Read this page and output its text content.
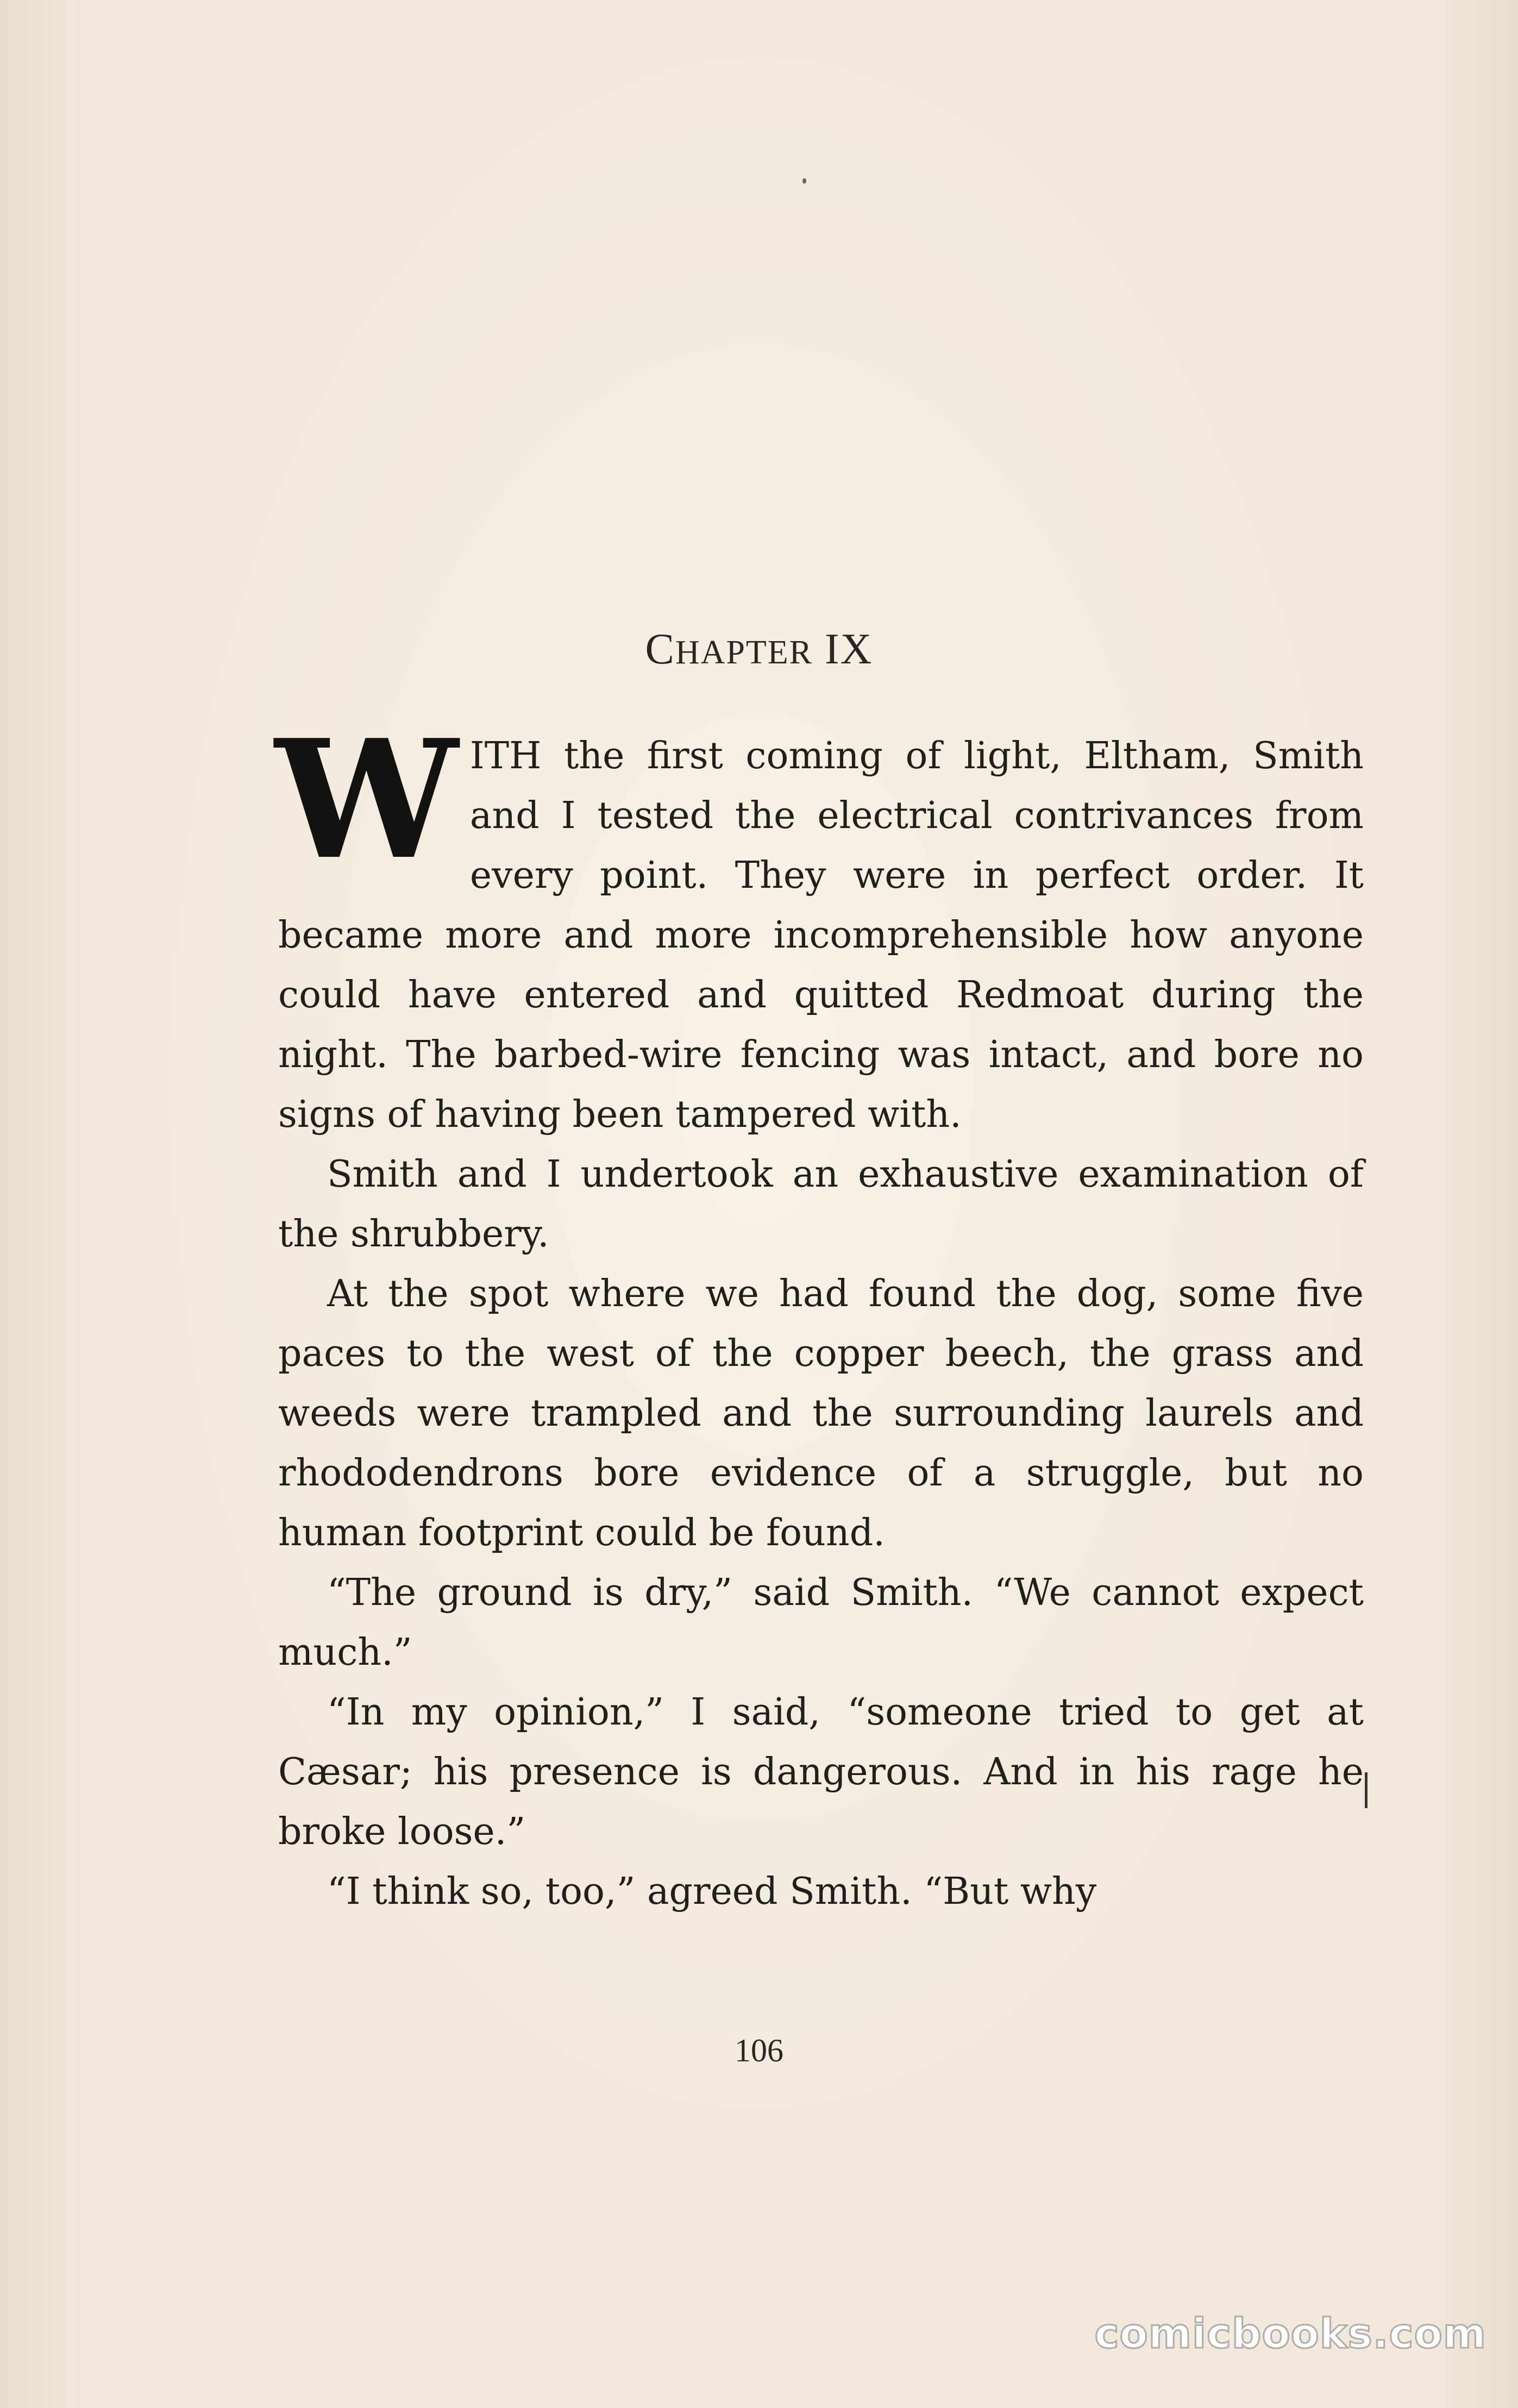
CHAPTER IX

WITH the first coming of light, Eltham, Smith and I tested the electrical contrivances from every point. They were in perfect order. It became more and more incomprehensible how anyone could have entered and quitted Redmoat during the night. The barbed-wire fencing was intact, and bore no signs of having been tampered with.

Smith and I undertook an exhaustive examination of the shrubbery.

At the spot where we had found the dog, some five paces to the west of the copper beech, the grass and weeds were trampled and the surrounding laurels and rhododendrons bore evidence of a struggle, but no human footprint could be found.

“The ground is dry,” said Smith. “We cannot expect much.”

“In my opinion,” I said, “someone tried to get at Cæsar; his presence is dangerous. And in his rage he broke loose.”

“I think so, too,” agreed Smith. “But why

106
comicbooks.com
